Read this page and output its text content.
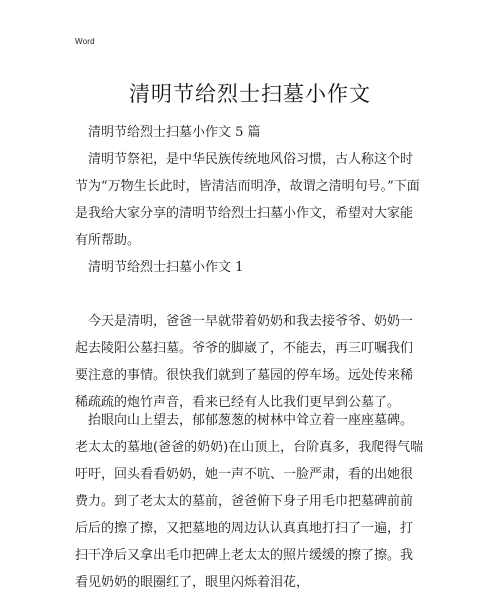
Word
清明节给烈士扫墓小作文

清明节给烈士扫墓小作文 5 篇

清明节祭祀，是中华民族传统地风俗习惯，古人称这个时节为“万物生长此时，皆清洁而明净，故谓之清明句号。”下面是我给大家分享的清明节给烈士扫墓小作文，希望对大家能有所帮助。

清明节给烈士扫墓小作文 1

今天是清明，爸爸一早就带着奶奶和我去接爷爷、奶奶一起去陵阳公墓扫墓。爷爷的脚崴了，不能去，再三叮嘱我们要注意的事情。很快我们就到了墓园的停车场。远处传来稀稀疏疏的炮竹声音，看来已经有人比我们更早到公墓了。

抬眼向山上望去，郁郁葱葱的树林中耸立着一座座墓碑。老太太的墓地(爸爸的奶奶)在山顶上，台阶真多，我爬得气喘吁吁，回头看看奶奶，她一声不吭、一脸严肃，看的出她很费力。到了老太太的墓前，爸爸俯下身子用毛巾把墓碑前前后后的擦了擦，又把墓地的周边认认真真地打扫了一遍，打扫干净后又拿出毛巾把碑上老太太的照片缓缓的擦了擦。我看见奶奶的眼圈红了，眼里闪烁着泪花，
